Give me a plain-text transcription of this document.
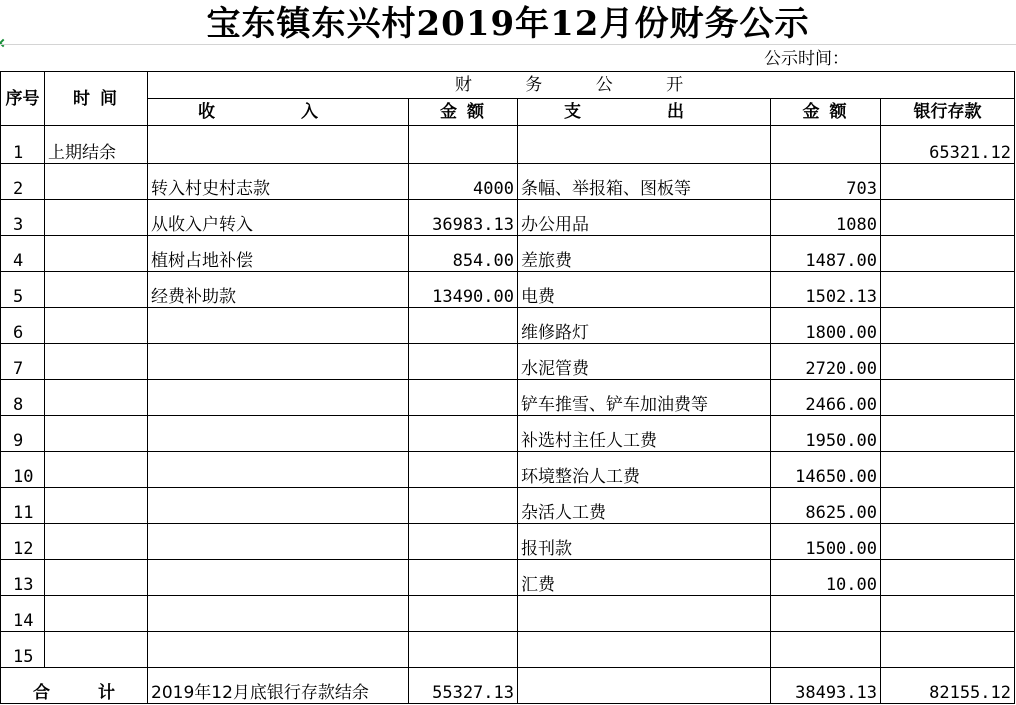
宝东镇东兴村2019年12月份财务公示
公示时间：
序号	时 间	财 务 公 开				
		收 入	金 额	支 出	金 额	银行存款
1	上期结余					65321.12
2		转入村史村志款	4000	条幅、举报箱、图板等	703	
3		从收入户转入	36983.13	办公用品	1080	
4		植树占地补偿	854.00	差旅费	1487.00	
5		经费补助款	13490.00	电费	1502.13	
6				维修路灯	1800.00	
7				水泥管费	2720.00	
8				铲车推雪、铲车加油费等	2466.00	
9				补选村主任人工费	1950.00	
10				环境整治人工费	14650.00	
11				杂活人工费	8625.00	
12				报刊款	1500.00	
13				汇费	10.00	
14						
15						
合 计		2019年12月底银行存款结余	55327.13		38493.13	82155.12
